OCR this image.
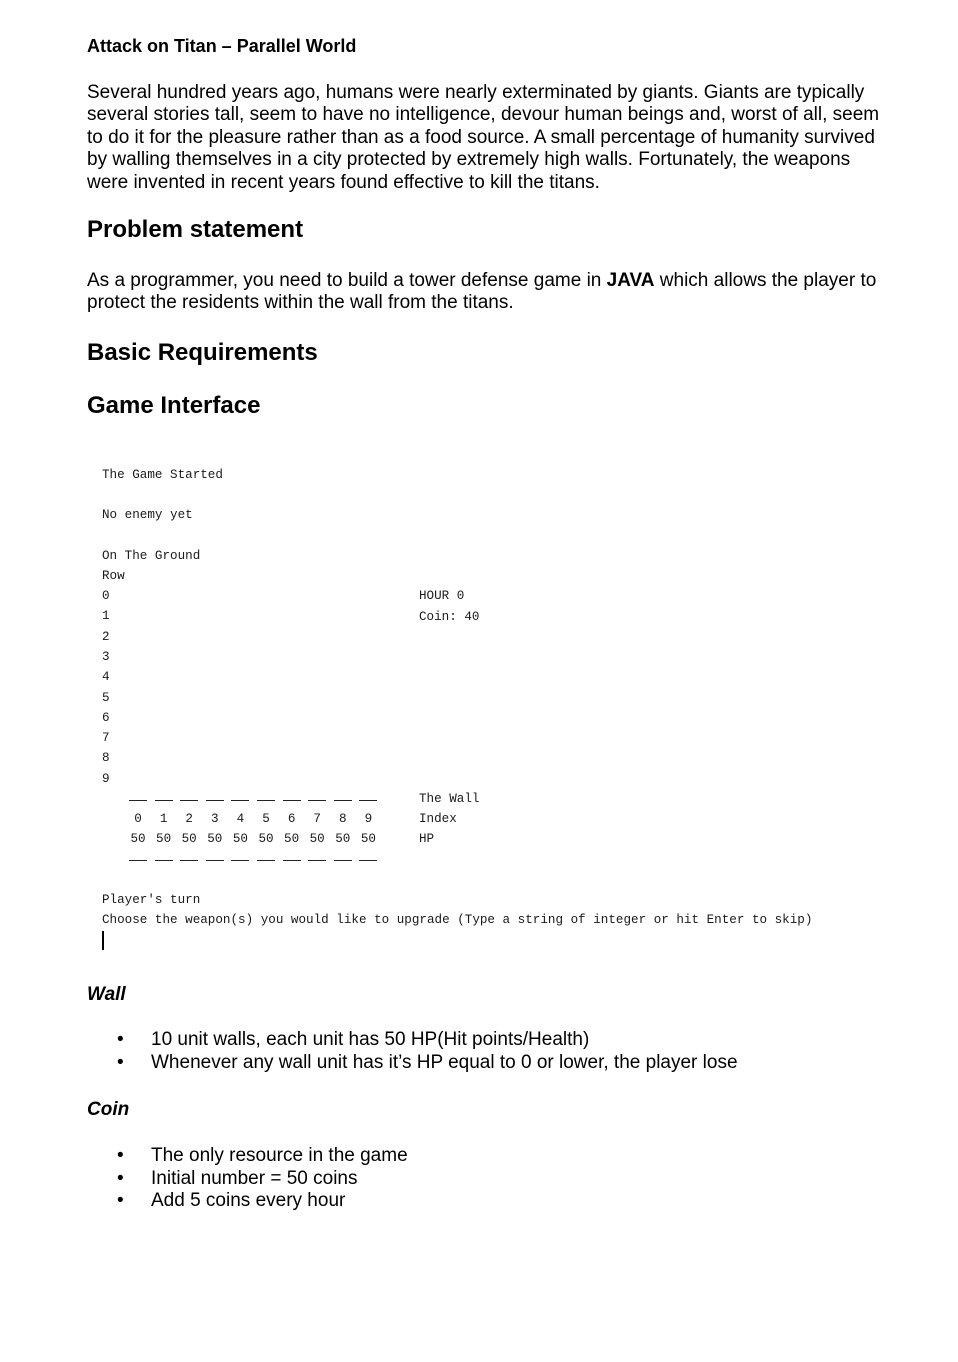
Attack on Titan – Parallel World

Several hundred years ago, humans were nearly exterminated by giants. Giants are typically several stories tall, seem to have no intelligence, devour human beings and, worst of all, seem to do it for the pleasure rather than as a food source. A small percentage of humanity survived by walling themselves in a city protected by extremely high walls. Fortunately, the weapons were invented in recent years found effective to kill the titans.

Problem statement

As a programmer, you need to build a tower defense game in JAVA which allows the player to protect the residents within the wall from the titans.

Basic Requirements
Game Interface
The Game Started
No enemy yet
On The Ground
Row
0
1
2
3
4
5
6
7
8
9
HOUR 0
Coin: 40
0
50
1
50
2
50
3
50
4
50
5
50
6
50
7
50
8
50
9
50
The Wall
Index
HP
Player's turn
Choose the weapon(s) you would like to upgrade (Type a string of integer or hit Enter to skip)
Wall
• 10 unit walls, each unit has 50 HP(Hit points/Health)
• Whenever any wall unit has it’s HP equal to 0 or lower, the player lose
Coin
• The only resource in the game
• Initial number = 50 coins
• Add 5 coins every hour
